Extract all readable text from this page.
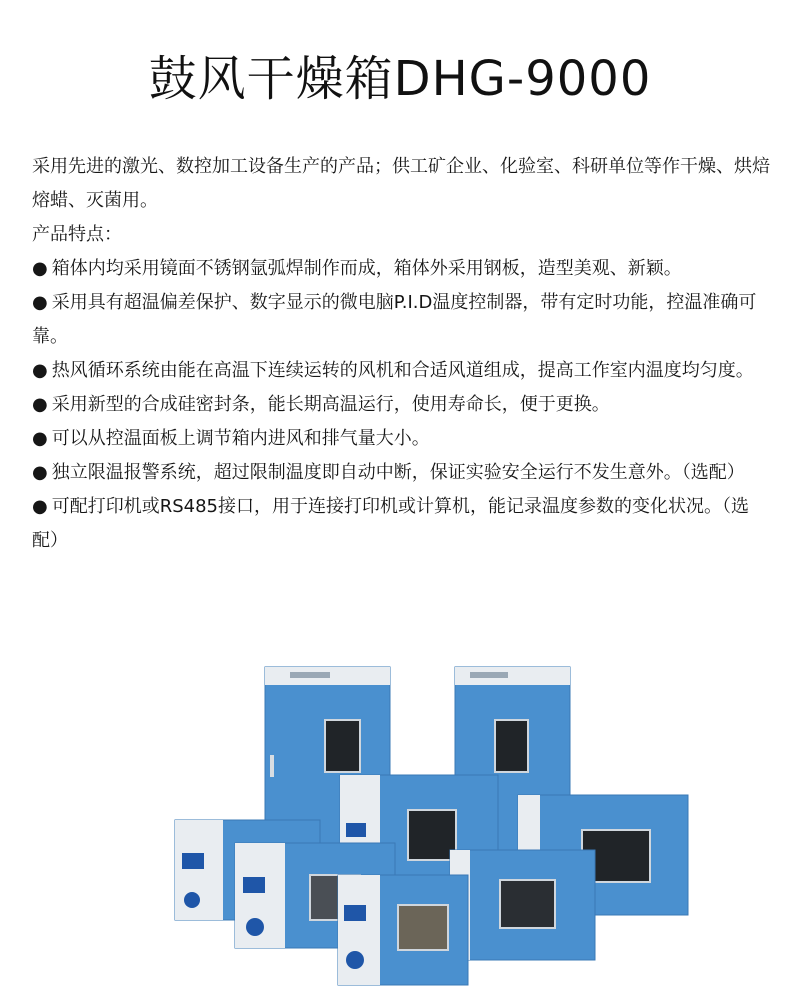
鼓风干燥箱DHG-9000

采用先进的激光、数控加工设备生产的产品；供工矿企业、化验室、科研单位等作干燥、烘焙熔蜡、灭菌用。

产品特点：

● 箱体内均采用镜面不锈钢氩弧焊制作而成，箱体外采用钢板，造型美观、新颖。

● 采用具有超温偏差保护、数字显示的微电脑P.I.D温度控制器，带有定时功能，控温准确可靠。

● 热风循环系统由能在高温下连续运转的风机和合适风道组成，提高工作室内温度均匀度。

● 采用新型的合成硅密封条，能长期高温运行，使用寿命长，便于更换。

● 可以从控温面板上调节箱内进风和排气量大小。

● 独立限温报警系统，超过限制温度即自动中断，保证实验安全运行不发生意外。（选配）

● 可配打印机或RS485接口，用于连接打印机或计算机，能记录温度参数的变化状况。（选配）
